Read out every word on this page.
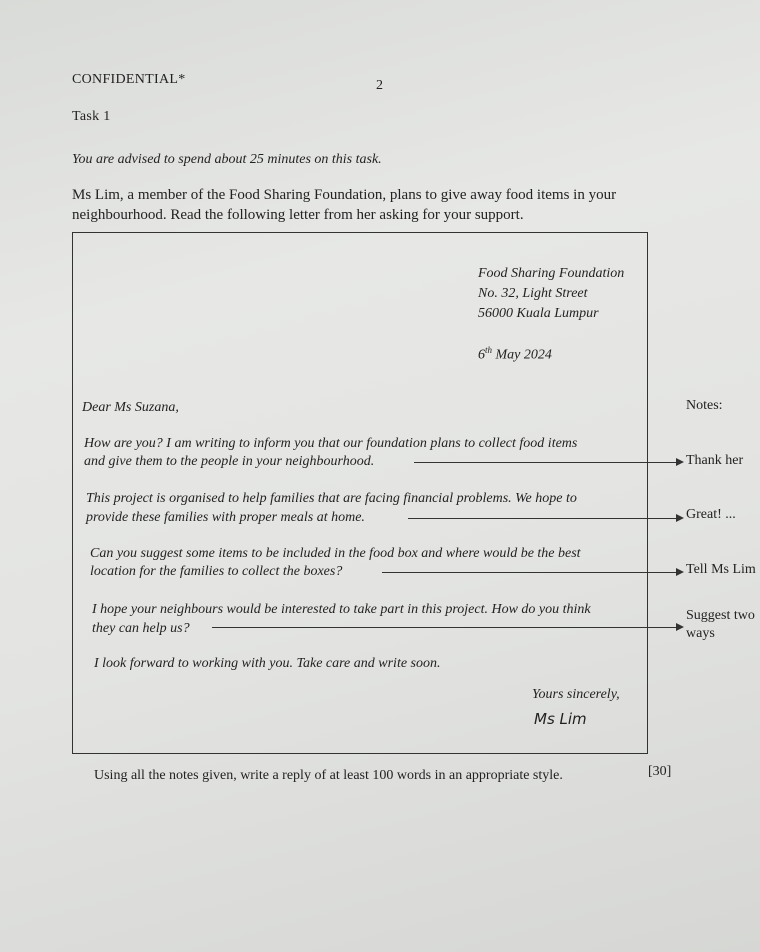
CONFIDENTIAL*	2

Task 1

You are advised to spend about 25 minutes on this task.

Ms Lim, a member of the Food Sharing Foundation, plans to give away food items in your

neighbourhood. Read the following letter from her asking for your support.

Food Sharing Foundation

No. 32, Light Street

56000 Kuala Lumpur

6th May 2024

Dear Ms Suzana,	Notes:

How are you? I am writing to inform you that our foundation plans to collect food items

and give them to the people in your neighbourhood.	Thank her

This project is organised to help families that are facing financial problems. We hope to

provide these families with proper meals at home.	Great! ...

Can you suggest some items to be included in the food box and where would be the best

location for the families to collect the boxes?	Tell Ms Lim

I hope your neighbours would be interested to take part in this project. How do you think

they can help us?

Suggest two

ways

I look forward to working with you. Take care and write soon.

Yours sincerely,

Ms Lim

Using all the notes given, write a reply of at least 100 words in an appropriate style.	[30]
